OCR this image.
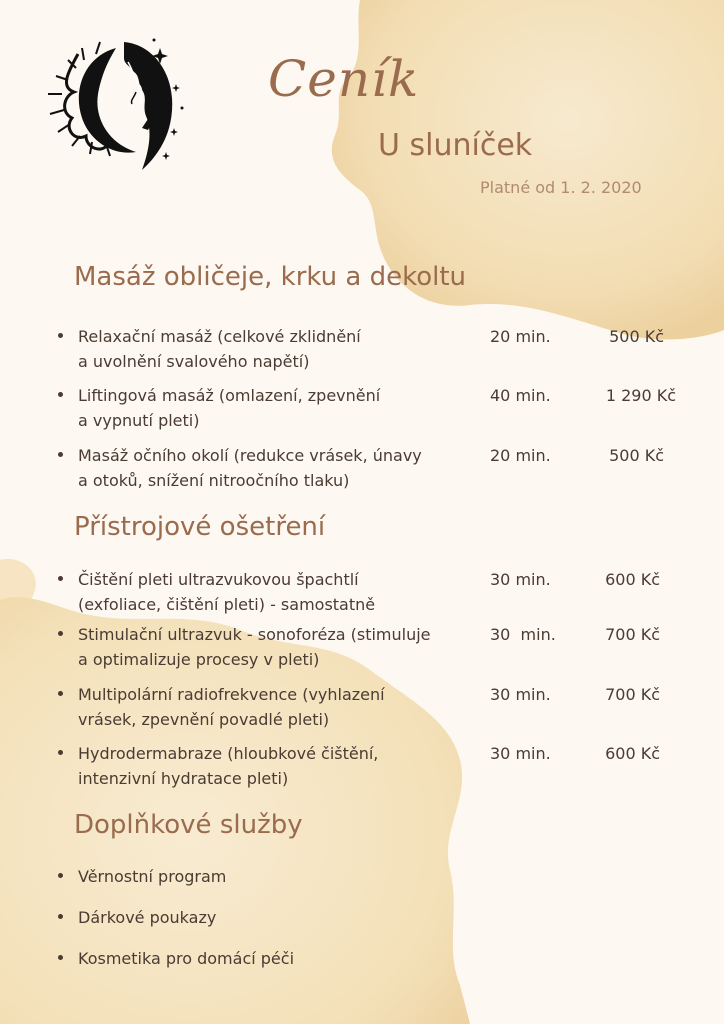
Ceník
U sluníček

Platné od 1. 2. 2020

Masáž obličeje, krku a dekoltu
Relaxační masáž (celkové zklidnění
a uvolnění svalového napětí)
20 min.	500 Kč
Liftingová masáž (omlazení, zpevnění
a vypnutí pleti)
40 min.	1 290 Kč
Masáž očního okolí (redukce vrásek, únavy
a otoků, snížení nitroočního tlaku)
20 min.	500 Kč
Přístrojové ošetření
Čištění pleti ultrazvukovou špachtlí
(exfoliace, čištění pleti) - samostatně
30 min.	600 Kč
Stimulační ultrazvuk - sonoforéza (stimuluje
a optimalizuje procesy v pleti)
30  min.	700 Kč
Multipolární radiofrekvence (vyhlazení
vrásek, zpevnění povadlé pleti)
30 min.	700 Kč
Hydrodermabraze (hloubkové čištění,
intenzivní hydratace pleti)
30 min.	600 Kč
Doplňkové služby
Věrnostní program
Dárkové poukazy
Kosmetika pro domácí péči
